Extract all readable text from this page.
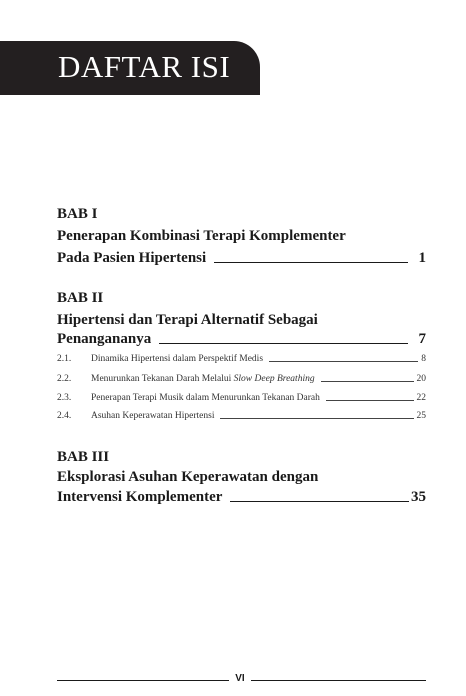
DAFTAR ISI
BAB I
Penerapan Kombinasi Terapi Komplementer
Pada Pasien Hipertensi	1
BAB II
Hipertensi dan Terapi Alternatif Sebagai
Penangananya	7
2.1.	Dinamika Hipertensi dalam Perspektif Medis	8
2.2.	Menurunkan Tekanan Darah Melalui Slow Deep Breathing	20
2.3.	Penerapan Terapi Musik dalam Menurunkan Tekanan Darah	22
2.4.	Asuhan Keperawatan Hipertensi	25
BAB III
Eksplorasi Asuhan Keperawatan dengan
Intervensi Komplementer	35
VI
